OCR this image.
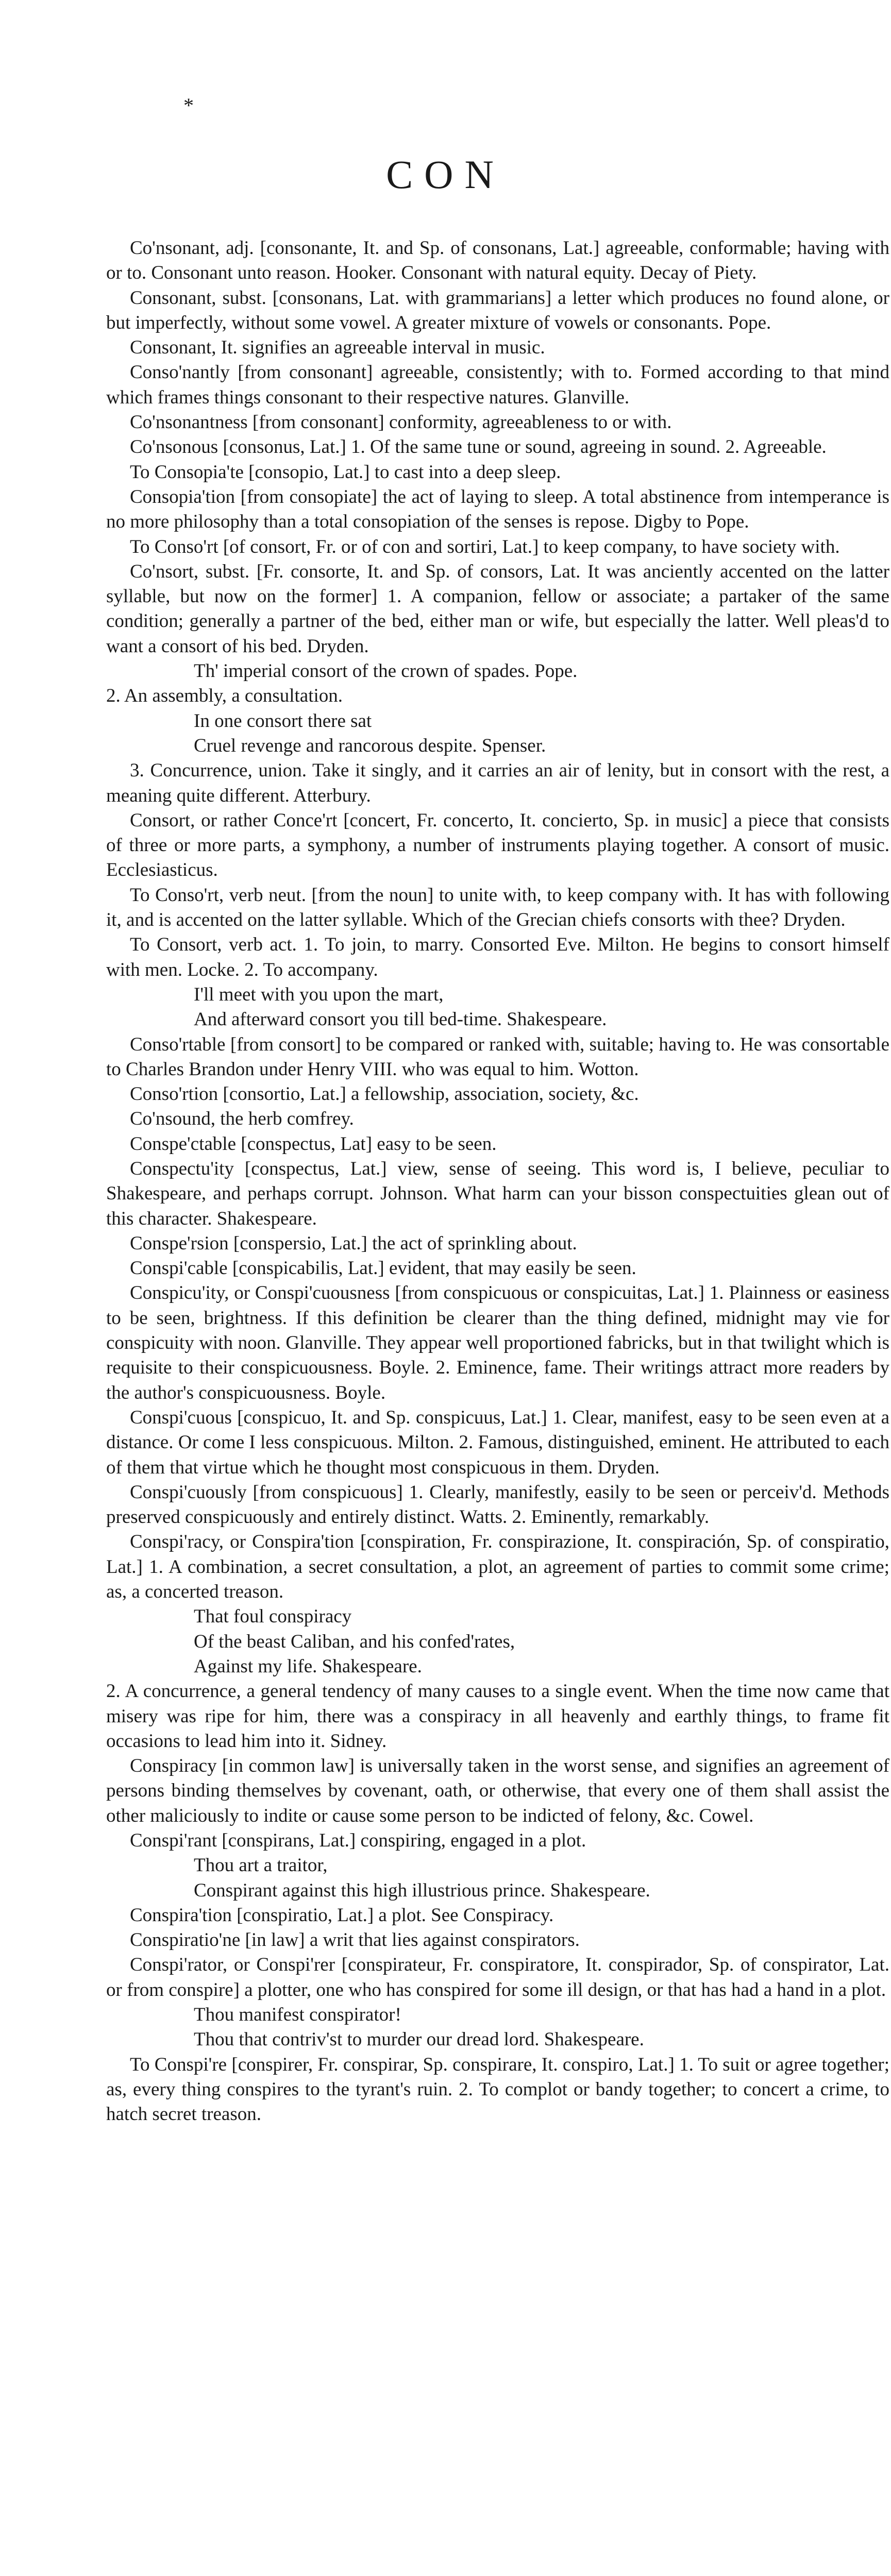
*
CON

Co'nsonant, adj. [consonante, It. and Sp. of consonans, Lat.] agreeable, conformable; having with or to. Consonant unto reason. Hooker. Consonant with natural equity. Decay of Piety.

Consonant, subst. [consonans, Lat. with grammarians] a letter which produces no found alone, or but imperfectly, without some vowel. A greater mixture of vowels or consonants. Pope.

Consonant, It. signifies an agreeable interval in music.

Conso'nantly [from consonant] agreeable, consistently; with to. Formed according to that mind which frames things consonant to their respective natures. Glanville.

Co'nsonantness [from consonant] conformity, agreeableness to or with.

Co'nsonous [consonus, Lat.] 1. Of the same tune or sound, agreeing in sound. 2. Agreeable.

To Consopia'te [consopio, Lat.] to cast into a deep sleep.

Consopia'tion [from consopiate] the act of laying to sleep. A total abstinence from intemperance is no more philosophy than a total consopiation of the senses is repose. Digby to Pope.

To Conso'rt [of consort, Fr. or of con and sortiri, Lat.] to keep company, to have society with.

Co'nsort, subst. [Fr. consorte, It. and Sp. of consors, Lat. It was anciently accented on the latter syllable, but now on the former] 1. A companion, fellow or associate; a partaker of the same condition; generally a partner of the bed, either man or wife, but especially the latter. Well pleas'd to want a consort of his bed. Dryden.

Th' imperial consort of the crown of spades. Pope.

2. An assembly, a consultation.

In one consort there sat

Cruel revenge and rancorous despite. Spenser.

3. Concurrence, union. Take it singly, and it carries an air of lenity, but in consort with the rest, a meaning quite different. Atterbury.

Consort, or rather Conce'rt [concert, Fr. concerto, It. concierto, Sp. in music] a piece that consists of three or more parts, a symphony, a number of instruments playing together. A consort of music. Ecclesiasticus.

To Conso'rt, verb neut. [from the noun] to unite with, to keep company with. It has with following it, and is accented on the latter syllable. Which of the Grecian chiefs consorts with thee? Dryden.

To Consort, verb act. 1. To join, to marry. Consorted Eve. Milton. He begins to consort himself with men. Locke. 2. To accompany.

I'll meet with you upon the mart,

And afterward consort you till bed-time. Shakespeare.

Conso'rtable [from consort] to be compared or ranked with, suitable; having to. He was consortable to Charles Brandon under Henry VIII. who was equal to him. Wotton.

Conso'rtion [consortio, Lat.] a fellowship, association, society, &c.

Co'nsound, the herb comfrey.

Conspe'ctable [conspectus, Lat] easy to be seen.

Conspectu'ity [conspectus, Lat.] view, sense of seeing. This word is, I believe, peculiar to Shakespeare, and perhaps corrupt. Johnson. What harm can your bisson conspectuities glean out of this character. Shakespeare.

Conspe'rsion [conspersio, Lat.] the act of sprinkling about.

Conspi'cable [conspicabilis, Lat.] evident, that may easily be seen.

Conspicu'ity, or Conspi'cuousness [from conspicuous or conspicuitas, Lat.] 1. Plainness or easiness to be seen, brightness. If this definition be clearer than the thing defined, midnight may vie for conspicuity with noon. Glanville. They appear well proportioned fabricks, but in that twilight which is requisite to their conspicuousness. Boyle. 2. Eminence, fame. Their writings attract more readers by the author's conspicuousness. Boyle.

Conspi'cuous [conspicuo, It. and Sp. conspicuus, Lat.] 1. Clear, manifest, easy to be seen even at a distance. Or come I less conspicuous. Milton. 2. Famous, distinguished, eminent. He attributed to each of them that virtue which he thought most conspicuous in them. Dryden.

Conspi'cuously [from conspicuous] 1. Clearly, manifestly, easily to be seen or perceiv'd. Methods preserved conspicuously and entirely distinct. Watts. 2. Eminently, remarkably.

Conspi'racy, or Conspira'tion [conspiration, Fr. conspirazione, It. conspiración, Sp. of conspiratio, Lat.] 1. A combination, a secret consultation, a plot, an agreement of parties to commit some crime; as, a concerted treason.

That foul conspiracy

Of the beast Caliban, and his confed'rates,

Against my life. Shakespeare.

2. A concurrence, a general tendency of many causes to a single event. When the time now came that misery was ripe for him, there was a conspiracy in all heavenly and earthly things, to frame fit occasions to lead him into it. Sidney.

Conspiracy [in common law] is universally taken in the worst sense, and signifies an agreement of persons binding themselves by covenant, oath, or otherwise, that every one of them shall assist the other maliciously to indite or cause some person to be indicted of felony, &c. Cowel.

Conspi'rant [conspirans, Lat.] conspiring, engaged in a plot.

Thou art a traitor,

Conspirant against this high illustrious prince. Shakespeare.

Conspira'tion [conspiratio, Lat.] a plot. See Conspiracy.

Conspiratio'ne [in law] a writ that lies against conspirators.

Conspi'rator, or Conspi'rer [conspirateur, Fr. conspiratore, It. conspirador, Sp. of conspirator, Lat. or from conspire] a plotter, one who has conspired for some ill design, or that has had a hand in a plot.

Thou manifest conspirator!

Thou that contriv'st to murder our dread lord. Shakespeare.

To Conspi're [conspirer, Fr. conspirar, Sp. conspirare, It. conspiro, Lat.] 1. To suit or agree together; as, every thing conspires to the tyrant's ruin. 2. To complot or bandy together; to concert a crime, to hatch secret treason.
